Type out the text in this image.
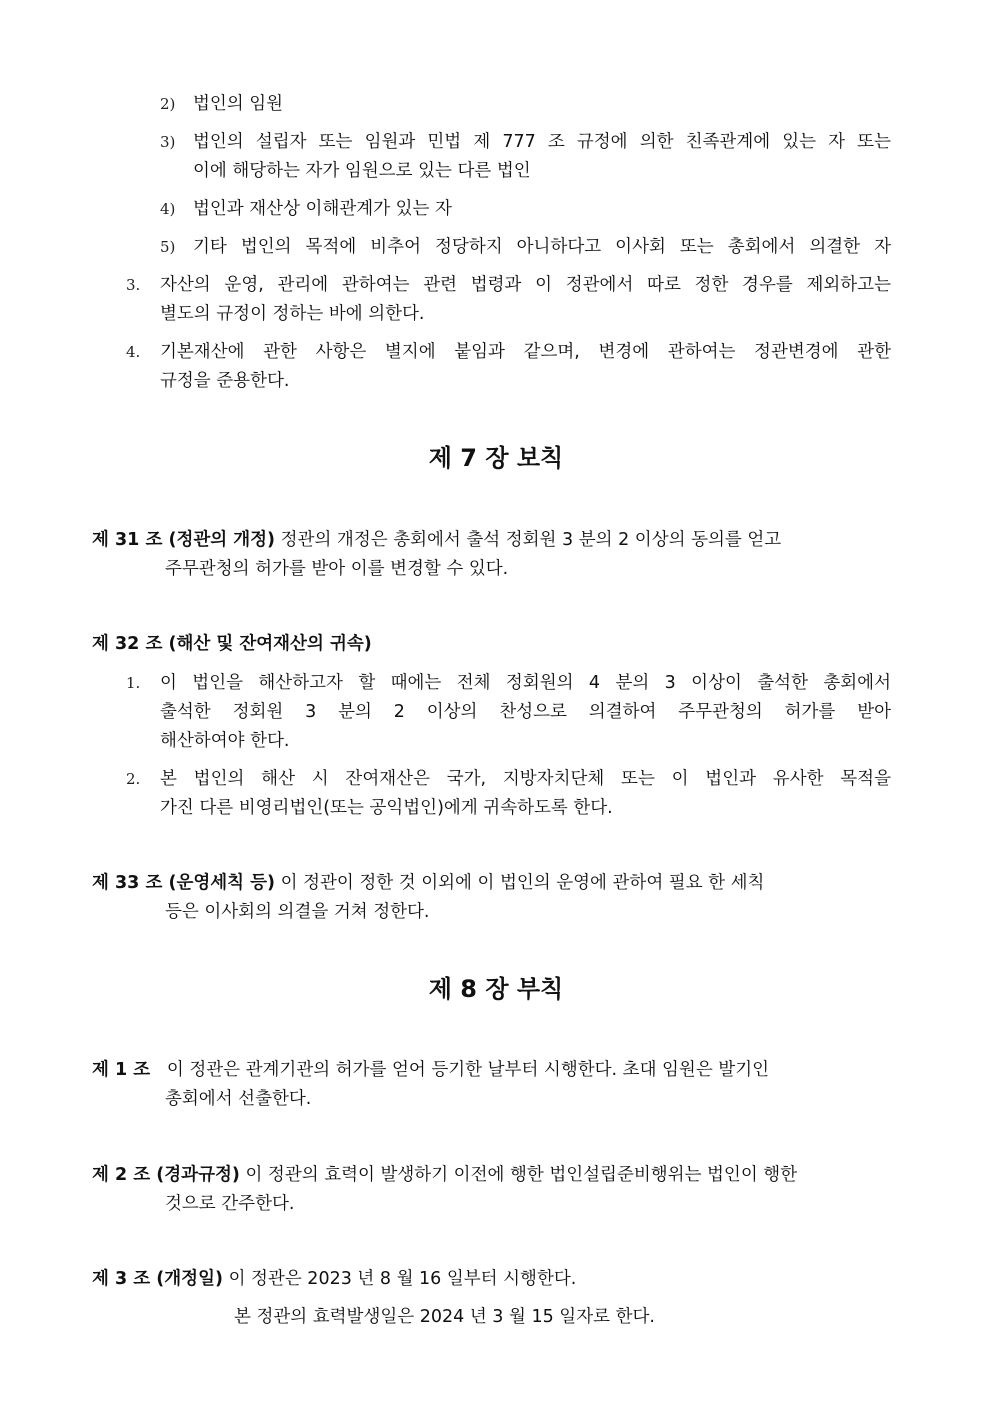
2) 법인의 임원
3) 법인의 설립자 또는 임원과 민법 제 777 조 규정에 의한 친족관계에 있는 자 또는
이에 해당하는 자가 임원으로 있는 다른 법인
4) 법인과 재산상 이해관계가 있는 자
5) 기타 법인의 목적에 비추어 정당하지 아니하다고 이사회 또는 총회에서 의결한 자
3. 자산의 운영, 관리에 관하여는 관련 법령과 이 정관에서 따로 정한 경우를 제외하고는
별도의 규정이 정하는 바에 의한다.
4. 기본재산에 관한 사항은 별지에 붙임과 같으며, 변경에 관하여는 정관변경에 관한
규정을 준용한다.
제 7 장 보칙
제 31 조 (정관의 개정) 정관의 개정은 총회에서 출석 정회원 3 분의 2 이상의 동의를 얻고
주무관청의 허가를 받아 이를 변경할 수 있다.
제 32 조 (해산 및 잔여재산의 귀속)
1. 이 법인을 해산하고자 할 때에는 전체 정회원의 4 분의 3 이상이 출석한 총회에서
출석한 정회원 3 분의 2 이상의 찬성으로 의결하여 주무관청의 허가를 받아
해산하여야 한다.
2. 본 법인의 해산 시 잔여재산은 국가, 지방자치단체 또는 이 법인과 유사한 목적을
가진 다른 비영리법인(또는 공익법인)에게 귀속하도록 한다.
제 33 조 (운영세칙 등) 이 정관이 정한 것 이외에 이 법인의 운영에 관하여 필요 한 세칙
등은 이사회의 의결을 거쳐 정한다.
제 8 장 부칙
제 1 조 이 정관은 관계기관의 허가를 얻어 등기한 날부터 시행한다. 초대 임원은 발기인
총회에서 선출한다.
제 2 조 (경과규정) 이 정관의 효력이 발생하기 이전에 행한 법인설립준비행위는 법인이 행한
것으로 간주한다.
제 3 조 (개정일) 이 정관은 2023 년 8 월 16 일부터 시행한다.
본 정관의 효력발생일은 2024 년 3 월 15 일자로 한다.
